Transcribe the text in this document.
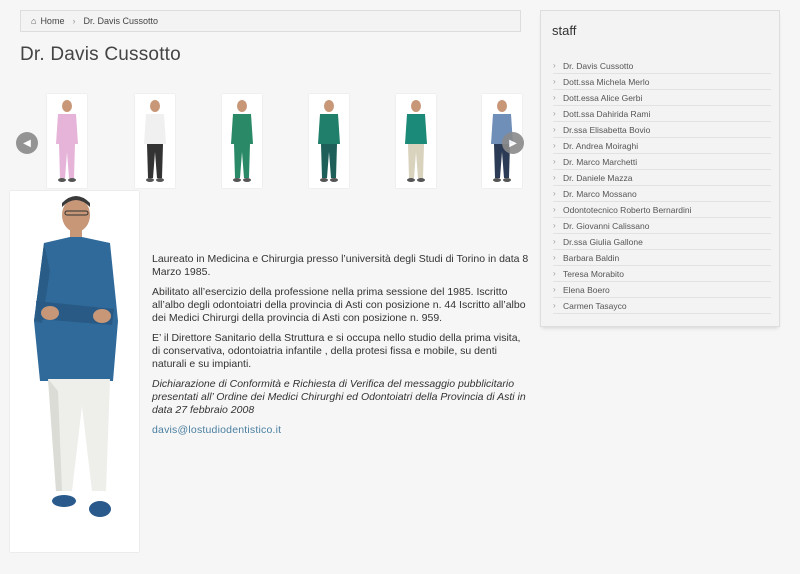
⌂ Home › Dr. Davis Cussotto
Dr. Davis Cussotto
◀	▶

Laureato in Medicina e Chirurgia presso l’università degli Studi di Torino in data 8 Marzo 1985.

Abilitato all’esercizio della professione nella prima sessione del 1985. Iscritto all’albo degli odontoiatri della provincia di Asti con posizione n. 44 Iscritto all’albo dei Medici Chirurgi della provincia di Asti con posizione n. 959.

E’ il Direttore Sanitario della Struttura e si occupa nello studio della prima visita, di conservativa, odontoiatria infantile , della protesi fissa e mobile, su denti naturali e su impianti.

Dichiarazione di Conformità e Richiesta di Verifica del messaggio pubblicitario presentati all’ Ordine dei Medici Chirurghi ed Odontoiatri della Provincia di Asti in data 27 febbraio 2008

davis@lostudiodentistico.it

staff
› Dr. Davis Cussotto
› Dott.ssa Michela Merlo
› Dott.essa Alice Gerbi
› Dott.ssa Dahirida Rami
› Dr.ssa Elisabetta Bovio
› Dr. Andrea Moiraghi
› Dr. Marco Marchetti
› Dr. Daniele Mazza
› Dr. Marco Mossano
› Odontotecnico Roberto Bernardini
› Dr. Giovanni Calissano
› Dr.ssa Giulia Gallone
› Barbara Baldin
› Teresa Morabito
› Elena Boero
› Carmen Tasayco
